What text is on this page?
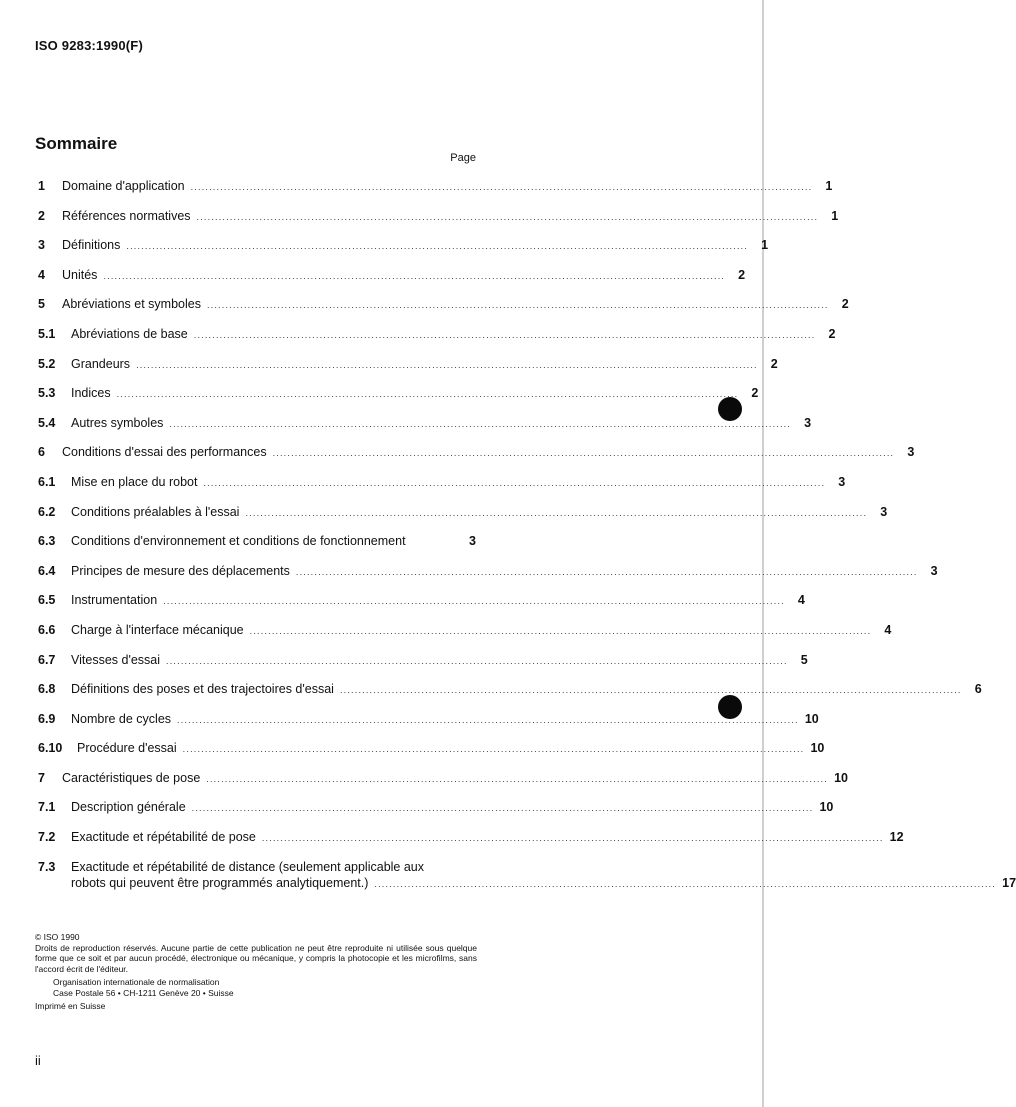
ISO 9283:1990(F)
Sommaire
Page
1	Domaine d'application .....	1
2	Références normatives .....	1
3	Définitions .....	1
4	Unités .....	2
5	Abréviations et symboles .....	2
5.1	Abréviations de base .....	2
5.2	Grandeurs .....	2
5.3	Indices .....	2
5.4	Autres symboles .....	3
6	Conditions d'essai des performances .....	3
6.1	Mise en place du robot .....	3
6.2	Conditions préalables à l'essai .....	3
6.3	Conditions d'environnement et conditions de fonctionnement	3
6.4	Principes de mesure des déplacements .....	3
6.5	Instrumentation .....	4
6.6	Charge à l'interface mécanique .....	4
6.7	Vitesses d'essai .....	5
6.8	Définitions des poses et des trajectoires d'essai .....	6
6.9	Nombre de cycles .....	10
6.10	Procédure d'essai .....	10
7	Caractéristiques de pose .....	10
7.1	Description générale .....	10
7.2	Exactitude et répétabilité de pose .....	12
7.3	Exactitude et répétabilité de distance (seulement applicable aux
robots qui peuvent être programmés analytiquement.) .....	17
© ISO 1990
Droits de reproduction réservés. Aucune partie de cette publication ne peut être reproduite ni utilisée sous quelque forme que ce soit et par aucun procédé, électronique ou mécanique, y compris la photocopie et les microfilms, sans l'accord écrit de l'éditeur.
Organisation internationale de normalisation
Case Postale 56 • CH-1211 Genève 20 • Suisse
Imprimé en Suisse
ii
